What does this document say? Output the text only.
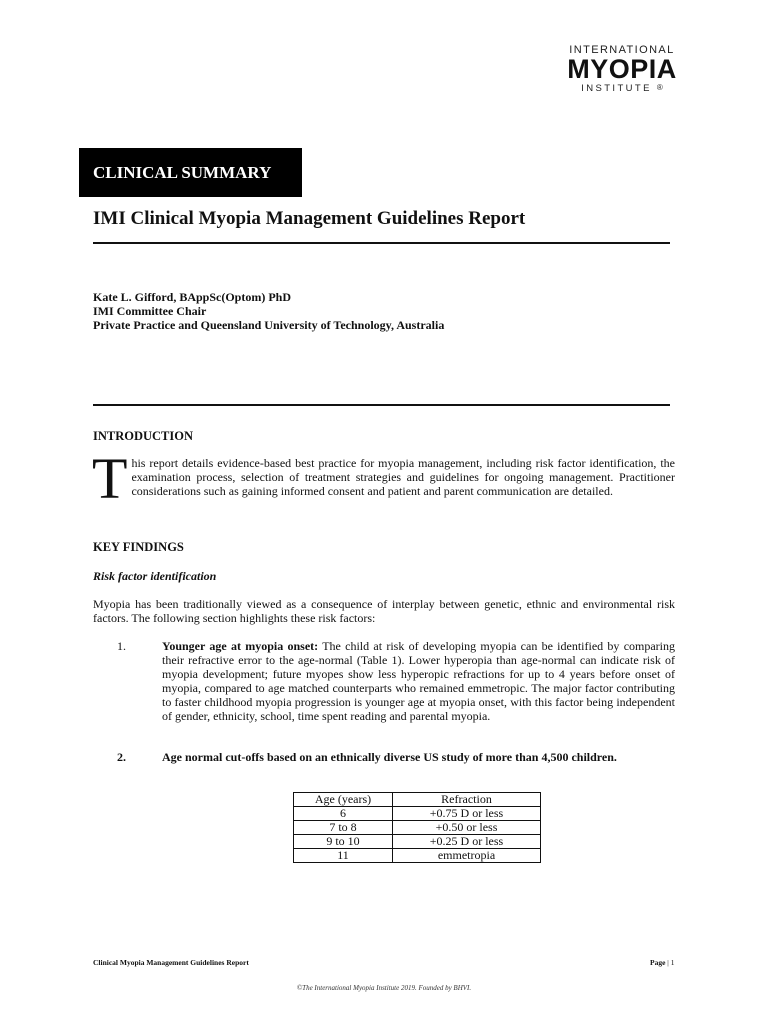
INTERNATIONAL
MYOPIA
INSTITUTE ®
CLINICAL SUMMARY
IMI Clinical Myopia Management Guidelines Report
Kate L. Gifford, BAppSc(Optom) PhD
IMI Committee Chair
Private Practice and Queensland University of Technology, Australia
INTRODUCTION

This report details evidence-based best practice for myopia management, including risk factor identification, the examination process, selection of treatment strategies and guidelines for ongoing management. Practitioner considerations such as gaining informed consent and patient and parent communication are detailed.

KEY FINDINGS
Risk factor identification

Myopia has been traditionally viewed as a consequence of interplay between genetic, ethnic and environmental risk factors. The following section highlights these risk factors:

1.	Younger age at myopia onset: The child at risk of developing myopia can be identified by comparing their refractive error to the age-normal (Table 1). Lower hyperopia than age-normal can indicate risk of myopia development; future myopes show less hyperopic refractions for up to 4 years before onset of myopia, compared to age matched counterparts who remained emmetropic. The major factor contributing to faster childhood myopia progression is younger age at myopia onset, with this factor being independent of gender, ethnicity, school, time spent reading and parental myopia.
2.	Age normal cut-offs based on an ethnically diverse US study of more than 4,500 children.
Age (years)	Refraction
6	+0.75 D or less
7 to 8	+0.50 or less
9 to 10	+0.25 D or less
11	emmetropia
Clinical Myopia Management Guidelines Report	Page | 1
©The International Myopia Institute 2019. Founded by BHVI.
